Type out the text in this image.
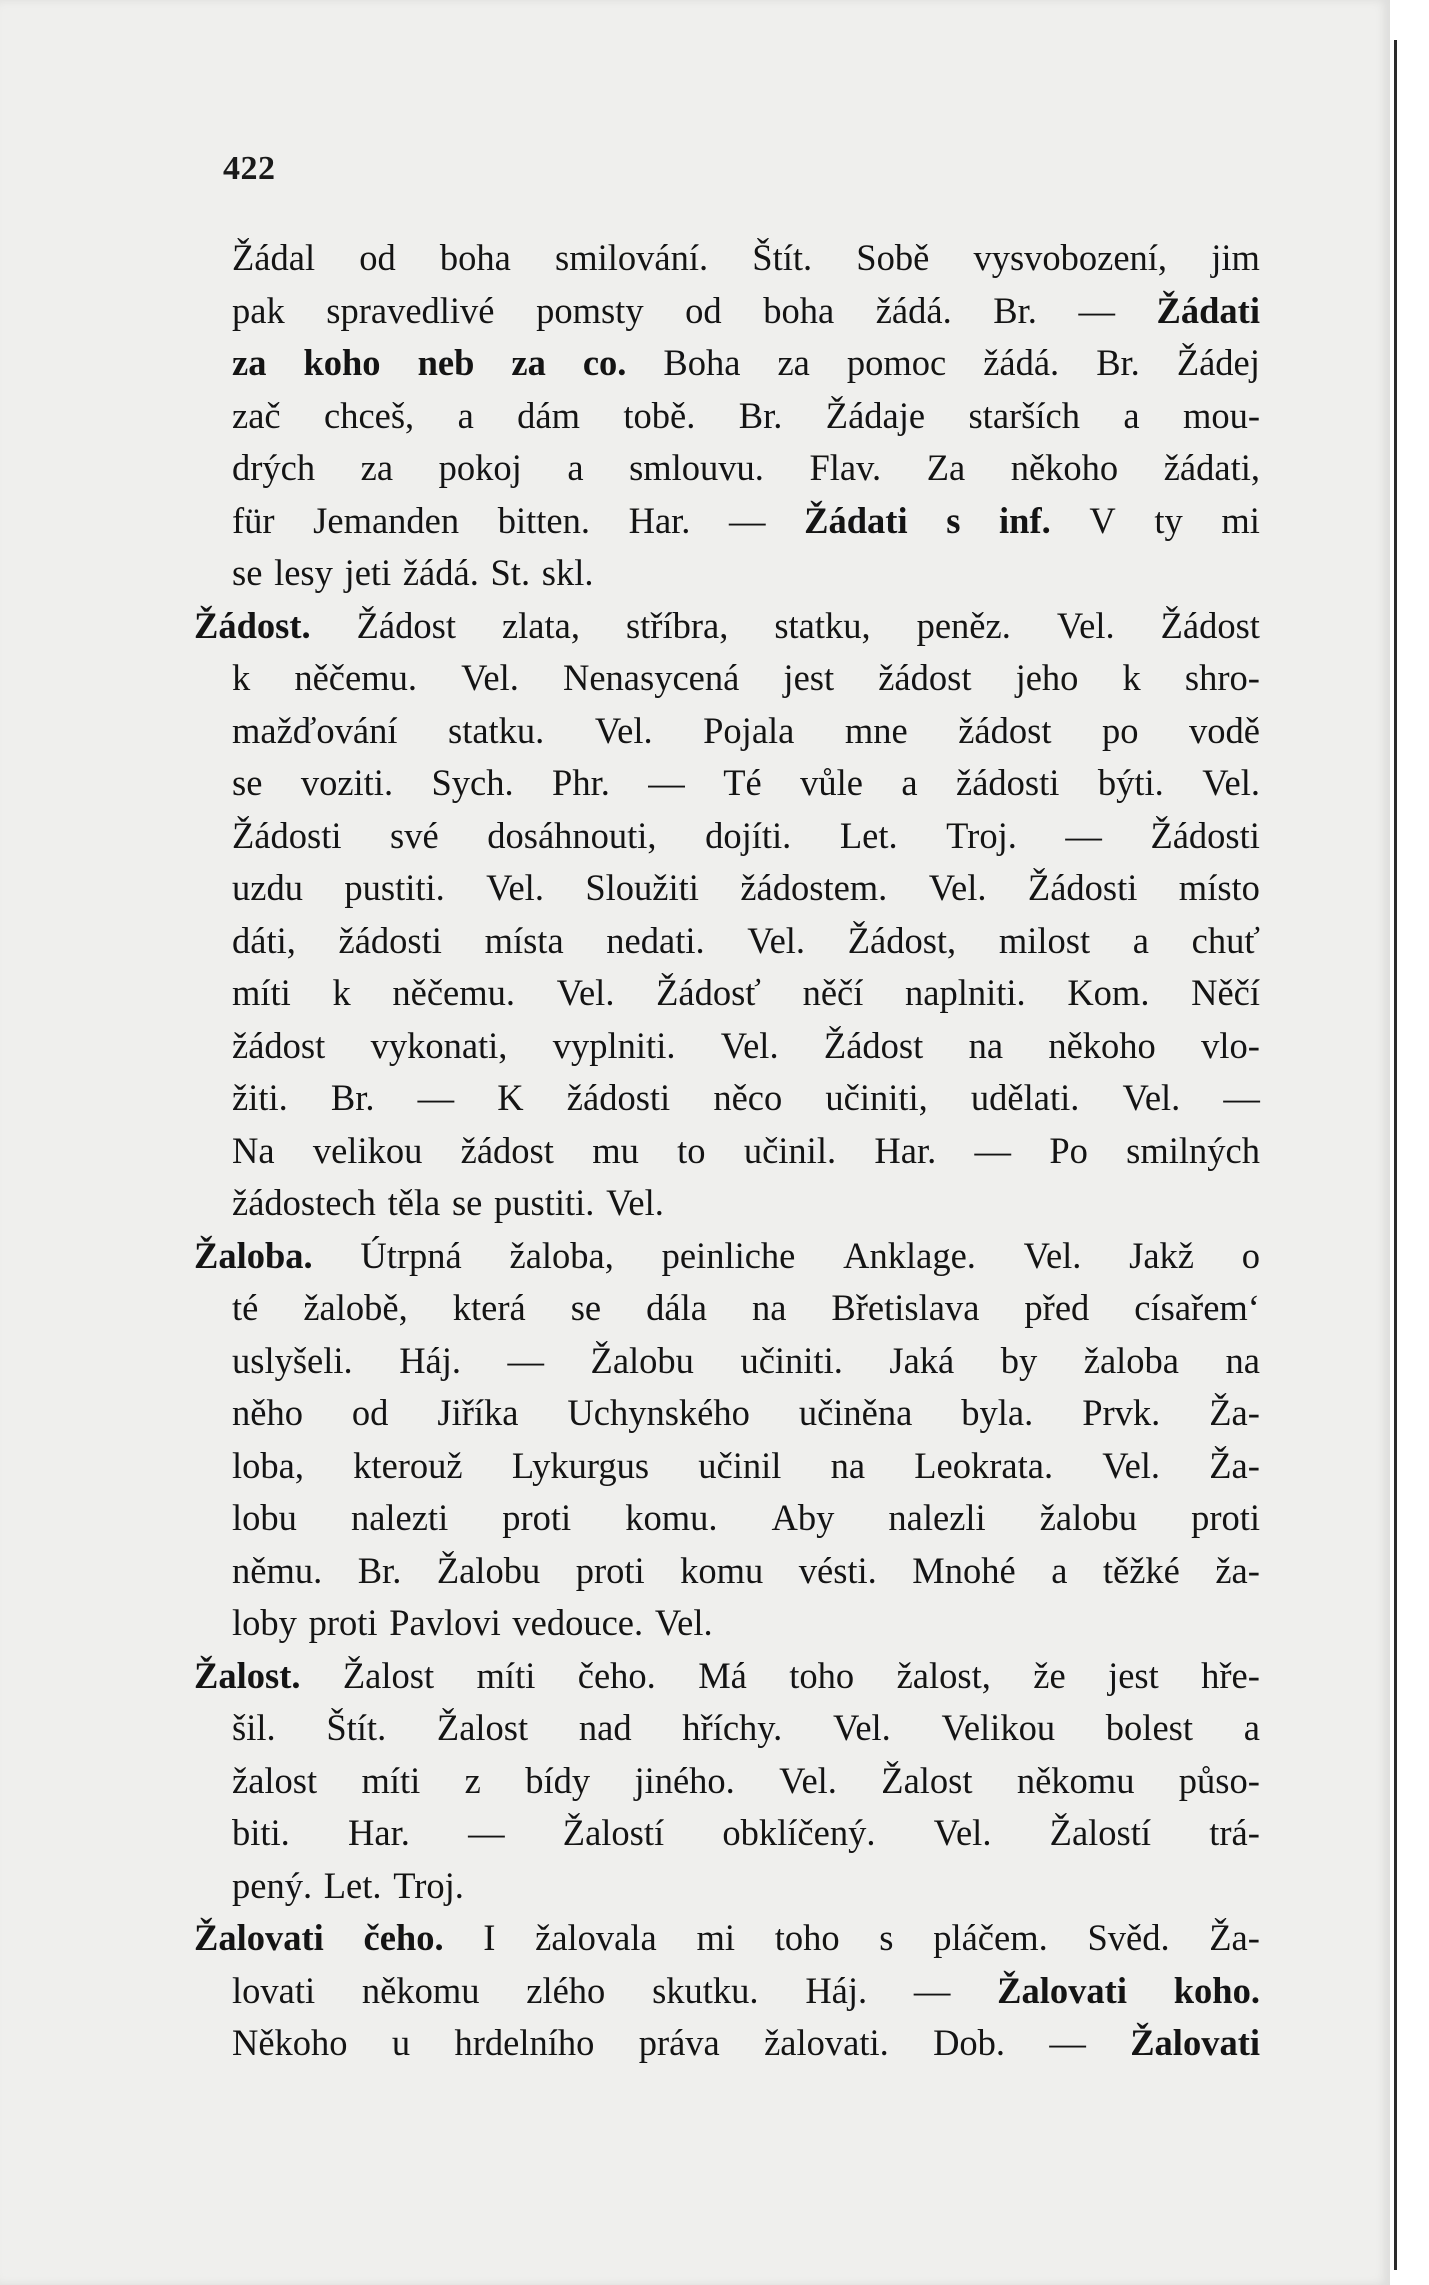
422
Žádal od boha smilování. Štít. Sobě vysvobození, jim
pak spravedlivé pomsty od boha žádá. Br. — Žádati
za koho neb za co. Boha za pomoc žádá. Br. Žádej
zač chceš, a dám tobě. Br. Žádaje starších a mou-
drých za pokoj a smlouvu. Flav. Za někoho žádati,
für Jemanden bitten. Har. — Žádati s inf. V ty mi
se lesy jeti žádá. St. skl.
Žádost. Žádost zlata, stříbra, statku, peněz. Vel. Žádost
k něčemu. Vel. Nenasycená jest žádost jeho k shro-
mažďování statku. Vel. Pojala mne žádost po vodě
se voziti. Sych. Phr. — Té vůle a žádosti býti. Vel.
Žádosti své dosáhnouti, dojíti. Let. Troj. — Žádosti
uzdu pustiti. Vel. Sloužiti žádostem. Vel. Žádosti místo
dáti, žádosti místa nedati. Vel. Žádost, milost a chuť
míti k něčemu. Vel. Žádosť něčí naplniti. Kom. Něčí
žádost vykonati, vyplniti. Vel. Žádost na někoho vlo-
žiti. Br. — K žádosti něco učiniti, udělati. Vel. —
Na velikou žádost mu to učinil. Har. — Po smilných
žádostech těla se pustiti. Vel.
Žaloba. Útrpná žaloba, peinliche Anklage. Vel. Jakž o
té žalobě, která se dála na Břetislava před císařem‘
uslyšeli. Háj. — Žalobu učiniti. Jaká by žaloba na
něho od Jiříka Uchynského učiněna byla. Prvk. Ža-
loba, kterouž Lykurgus učinil na Leokrata. Vel. Ža-
lobu nalezti proti komu. Aby nalezli žalobu proti
němu. Br. Žalobu proti komu vésti. Mnohé a těžké ža-
loby proti Pavlovi vedouce. Vel.
Žalost. Žalost míti čeho. Má toho žalost, že jest hře-
šil. Štít. Žalost nad hříchy. Vel. Velikou bolest a
žalost míti z bídy jiného. Vel. Žalost někomu půso-
biti. Har. — Žalostí obklíčený. Vel. Žalostí trá-
pený. Let. Troj.
Žalovati čeho. I žalovala mi toho s pláčem. Svěd. Ža-
lovati někomu zlého skutku. Háj. — Žalovati koho.
Někoho u hrdelního práva žalovati. Dob. — Žalovati
